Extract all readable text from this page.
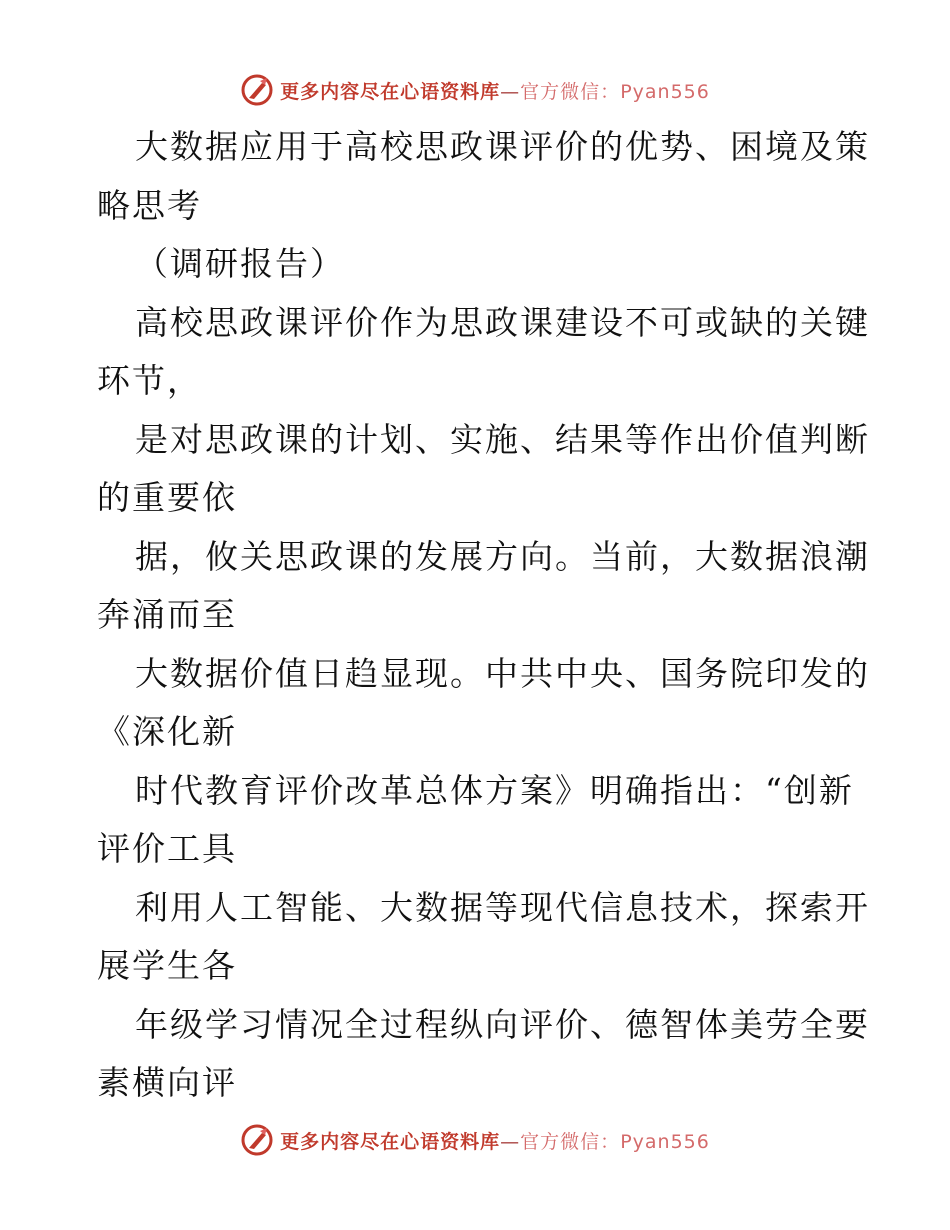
更多内容尽在心语资料库—官方微信：Pyan556
大数据应用于高校思政课评价的优势、困境及策
略思考
（调研报告）
高校思政课评价作为思政课建设不可或缺的关键
环节，
是对思政课的计划、实施、结果等作出价值判断
的重要依
据，攸关思政课的发展方向。当前，大数据浪潮
奔涌而至
大数据价值日趋显现。中共中央、国务院印发的
《深化新
时代教育评价改革总体方案》明确指出：“创新
评价工具
利用人工智能、大数据等现代信息技术，探索开
展学生各
年级学习情况全过程纵向评价、德智体美劳全要
素横向评
更多内容尽在心语资料库—官方微信：Pyan556
